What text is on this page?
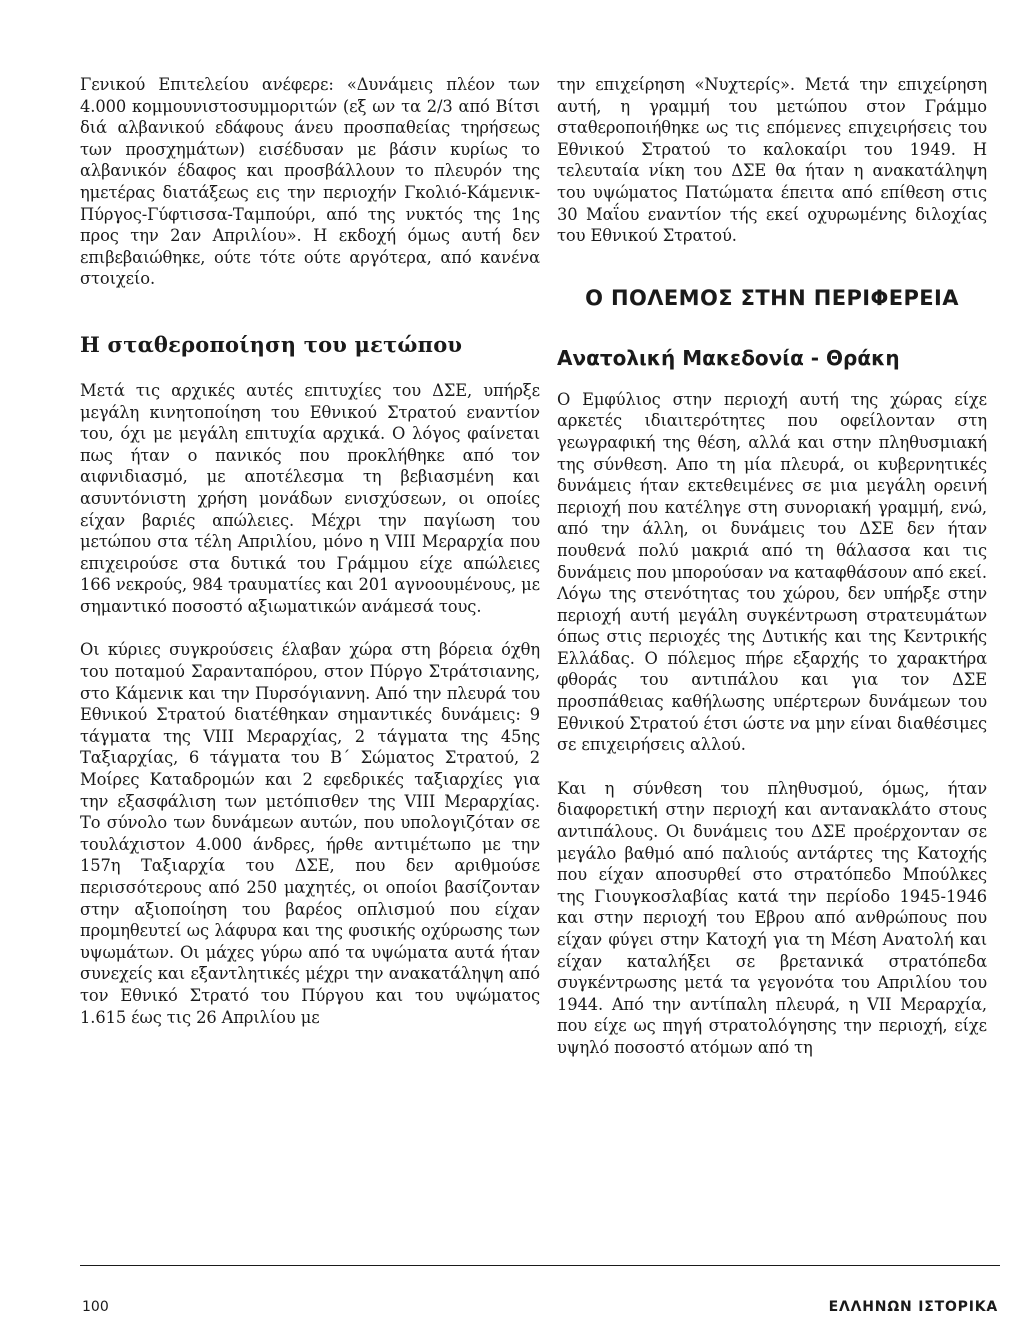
Γενικού Επιτελείου ανέφερε: «Δυνάμεις πλέον των 4.000 κομμουνιστοσυμμοριτών (εξ ων τα 2/3 από Βίτσι διά αλβανικού εδάφους άνευ προσπαθείας τηρήσεως των προσχημάτων) εισέδυσαν με βάσιν κυρίως το αλβανικόν έδαφος και προσβάλλουν το πλευρόν της ημετέρας διατάξεως εις την περιοχήν Γκολιό-Κάμενικ-Πύργος-Γύφτισσα-Ταμπούρι, από της νυκτός της 1ης προς την 2αν Απριλίου». Η εκδοχή όμως αυτή δεν επιβεβαιώθηκε, ούτε τότε ούτε αργότερα, από κανένα στοιχείο.

Η σταθεροποίηση του μετώπου

Μετά τις αρχικές αυτές επιτυχίες του ΔΣΕ, υπήρξε μεγάλη κινητοποίηση του Εθνικού Στρατού εναντίον του, όχι με μεγάλη επιτυχία αρχικά. Ο λόγος φαίνεται πως ήταν ο πανικός που προκλήθηκε από τον αιφνιδιασμό, με αποτέλεσμα τη βεβιασμένη και ασυντόνιστη χρήση μονάδων ενισχύσεων, οι οποίες είχαν βαριές απώλειες. Μέχρι την παγίωση του μετώπου στα τέλη Απριλίου, μόνο η VIII Μεραρχία που επιχειρούσε στα δυτικά του Γράμμου είχε απώλειες 166 νεκρούς, 984 τραυματίες και 201 αγνοουμένους, με σημαντικό ποσοστό αξιωματικών ανάμεσά τους.

Οι κύριες συγκρούσεις έλαβαν χώρα στη βόρεια όχθη του ποταμού Σαρανταπόρου, στον Πύργο Στράτσιανης, στο Κάμενικ και την Πυρσόγιαννη. Από την πλευρά του Εθνικού Στρατού διατέθηκαν σημαντικές δυνάμεις: 9 τάγματα της VIII Μεραρχίας, 2 τάγματα της 45ης Ταξιαρχίας, 6 τάγματα του Β΄ Σώματος Στρατού, 2 Μοίρες Καταδρομών και 2 εφεδρικές ταξιαρχίες για την εξασφάλιση των μετόπισθεν της VIII Μεραρχίας. Το σύνολο των δυνάμεων αυτών, που υπολογιζόταν σε τουλάχιστον 4.000 άνδρες, ήρθε αντιμέτωπο με την 157η Ταξιαρχία του ΔΣΕ, που δεν αριθμούσε περισσότερους από 250 μαχητές, οι οποίοι βασίζονταν στην αξιοποίηση του βαρέος οπλισμού που είχαν προμηθευτεί ως λάφυρα και της φυσικής οχύρωσης των υψωμάτων. Οι μάχες γύρω από τα υψώματα αυτά ήταν συνεχείς και εξαντλητικές μέχρι την ανακατάληψη από τον Εθνικό Στρατό του Πύργου και του υψώματος 1.615 έως τις 26 Απριλίου με

την επιχείρηση «Νυχτερίς». Μετά την επιχείρηση αυτή, η γραμμή του μετώπου στον Γράμμο σταθεροποιήθηκε ως τις επόμενες επιχειρήσεις του Εθνικού Στρατού το καλοκαίρι του 1949. Η τελευταία νίκη του ΔΣΕ θα ήταν η ανακατάληψη του υψώματος Πατώματα έπειτα από επίθεση στις 30 Μαΐου εναντίον τής εκεί οχυρωμένης διλοχίας του Εθνικού Στρατού.

Ο ΠΟΛΕΜΟΣ ΣΤΗΝ ΠΕΡΙΦΕΡΕΙΑ
Ανατολική Μακεδονία - Θράκη

Ο Εμφύλιος στην περιοχή αυτή της χώρας είχε αρκετές ιδιαιτερότητες που οφείλονταν στη γεωγραφική της θέση, αλλά και στην πληθυσμιακή της σύνθεση. Απο τη μία πλευρά, οι κυβερνητικές δυνάμεις ήταν εκτεθειμένες σε μια μεγάλη ορεινή περιοχή που κατέληγε στη συνοριακή γραμμή, ενώ, από την άλλη, οι δυνάμεις του ΔΣΕ δεν ήταν πουθενά πολύ μακριά από τη θάλασσα και τις δυνάμεις που μπορούσαν να καταφθάσουν από εκεί. Λόγω της στενότητας του χώρου, δεν υπήρξε στην περιοχή αυτή μεγάλη συγκέντρωση στρατευμάτων όπως στις περιοχές της Δυτικής και της Κεντρικής Ελλάδας. Ο πόλεμος πήρε εξαρχής το χαρακτήρα φθοράς του αντιπάλου και για τον ΔΣΕ προσπάθειας καθήλωσης υπέρτερων δυνάμεων του Εθνικού Στρατού έτσι ώστε να μην είναι διαθέσιμες σε επιχειρήσεις αλλού.

Και η σύνθεση του πληθυσμού, όμως, ήταν διαφορετική στην περιοχή και αντανακλάτο στους αντιπάλους. Οι δυνάμεις του ΔΣΕ προέρχονταν σε μεγάλο βαθμό από παλιούς αντάρτες της Κατοχής που είχαν αποσυρθεί στο στρατόπεδο Μπούλκες της Γιουγκοσλαβίας κατά την περίοδο 1945-1946 και στην περιοχή του Εβρου από ανθρώπους που είχαν φύγει στην Κατοχή για τη Μέση Ανατολή και είχαν καταλήξει σε βρετανικά στρατόπεδα συγκέντρωσης μετά τα γεγονότα του Απριλίου του 1944. Από την αντίπαλη πλευρά, η VII Μεραρχία, που είχε ως πηγή στρατολόγησης την περιοχή, είχε υψηλό ποσοστό ατόμων από τη

100	ΕΛΛΗΝΩΝ ΙΣΤΟΡΙΚΑ
